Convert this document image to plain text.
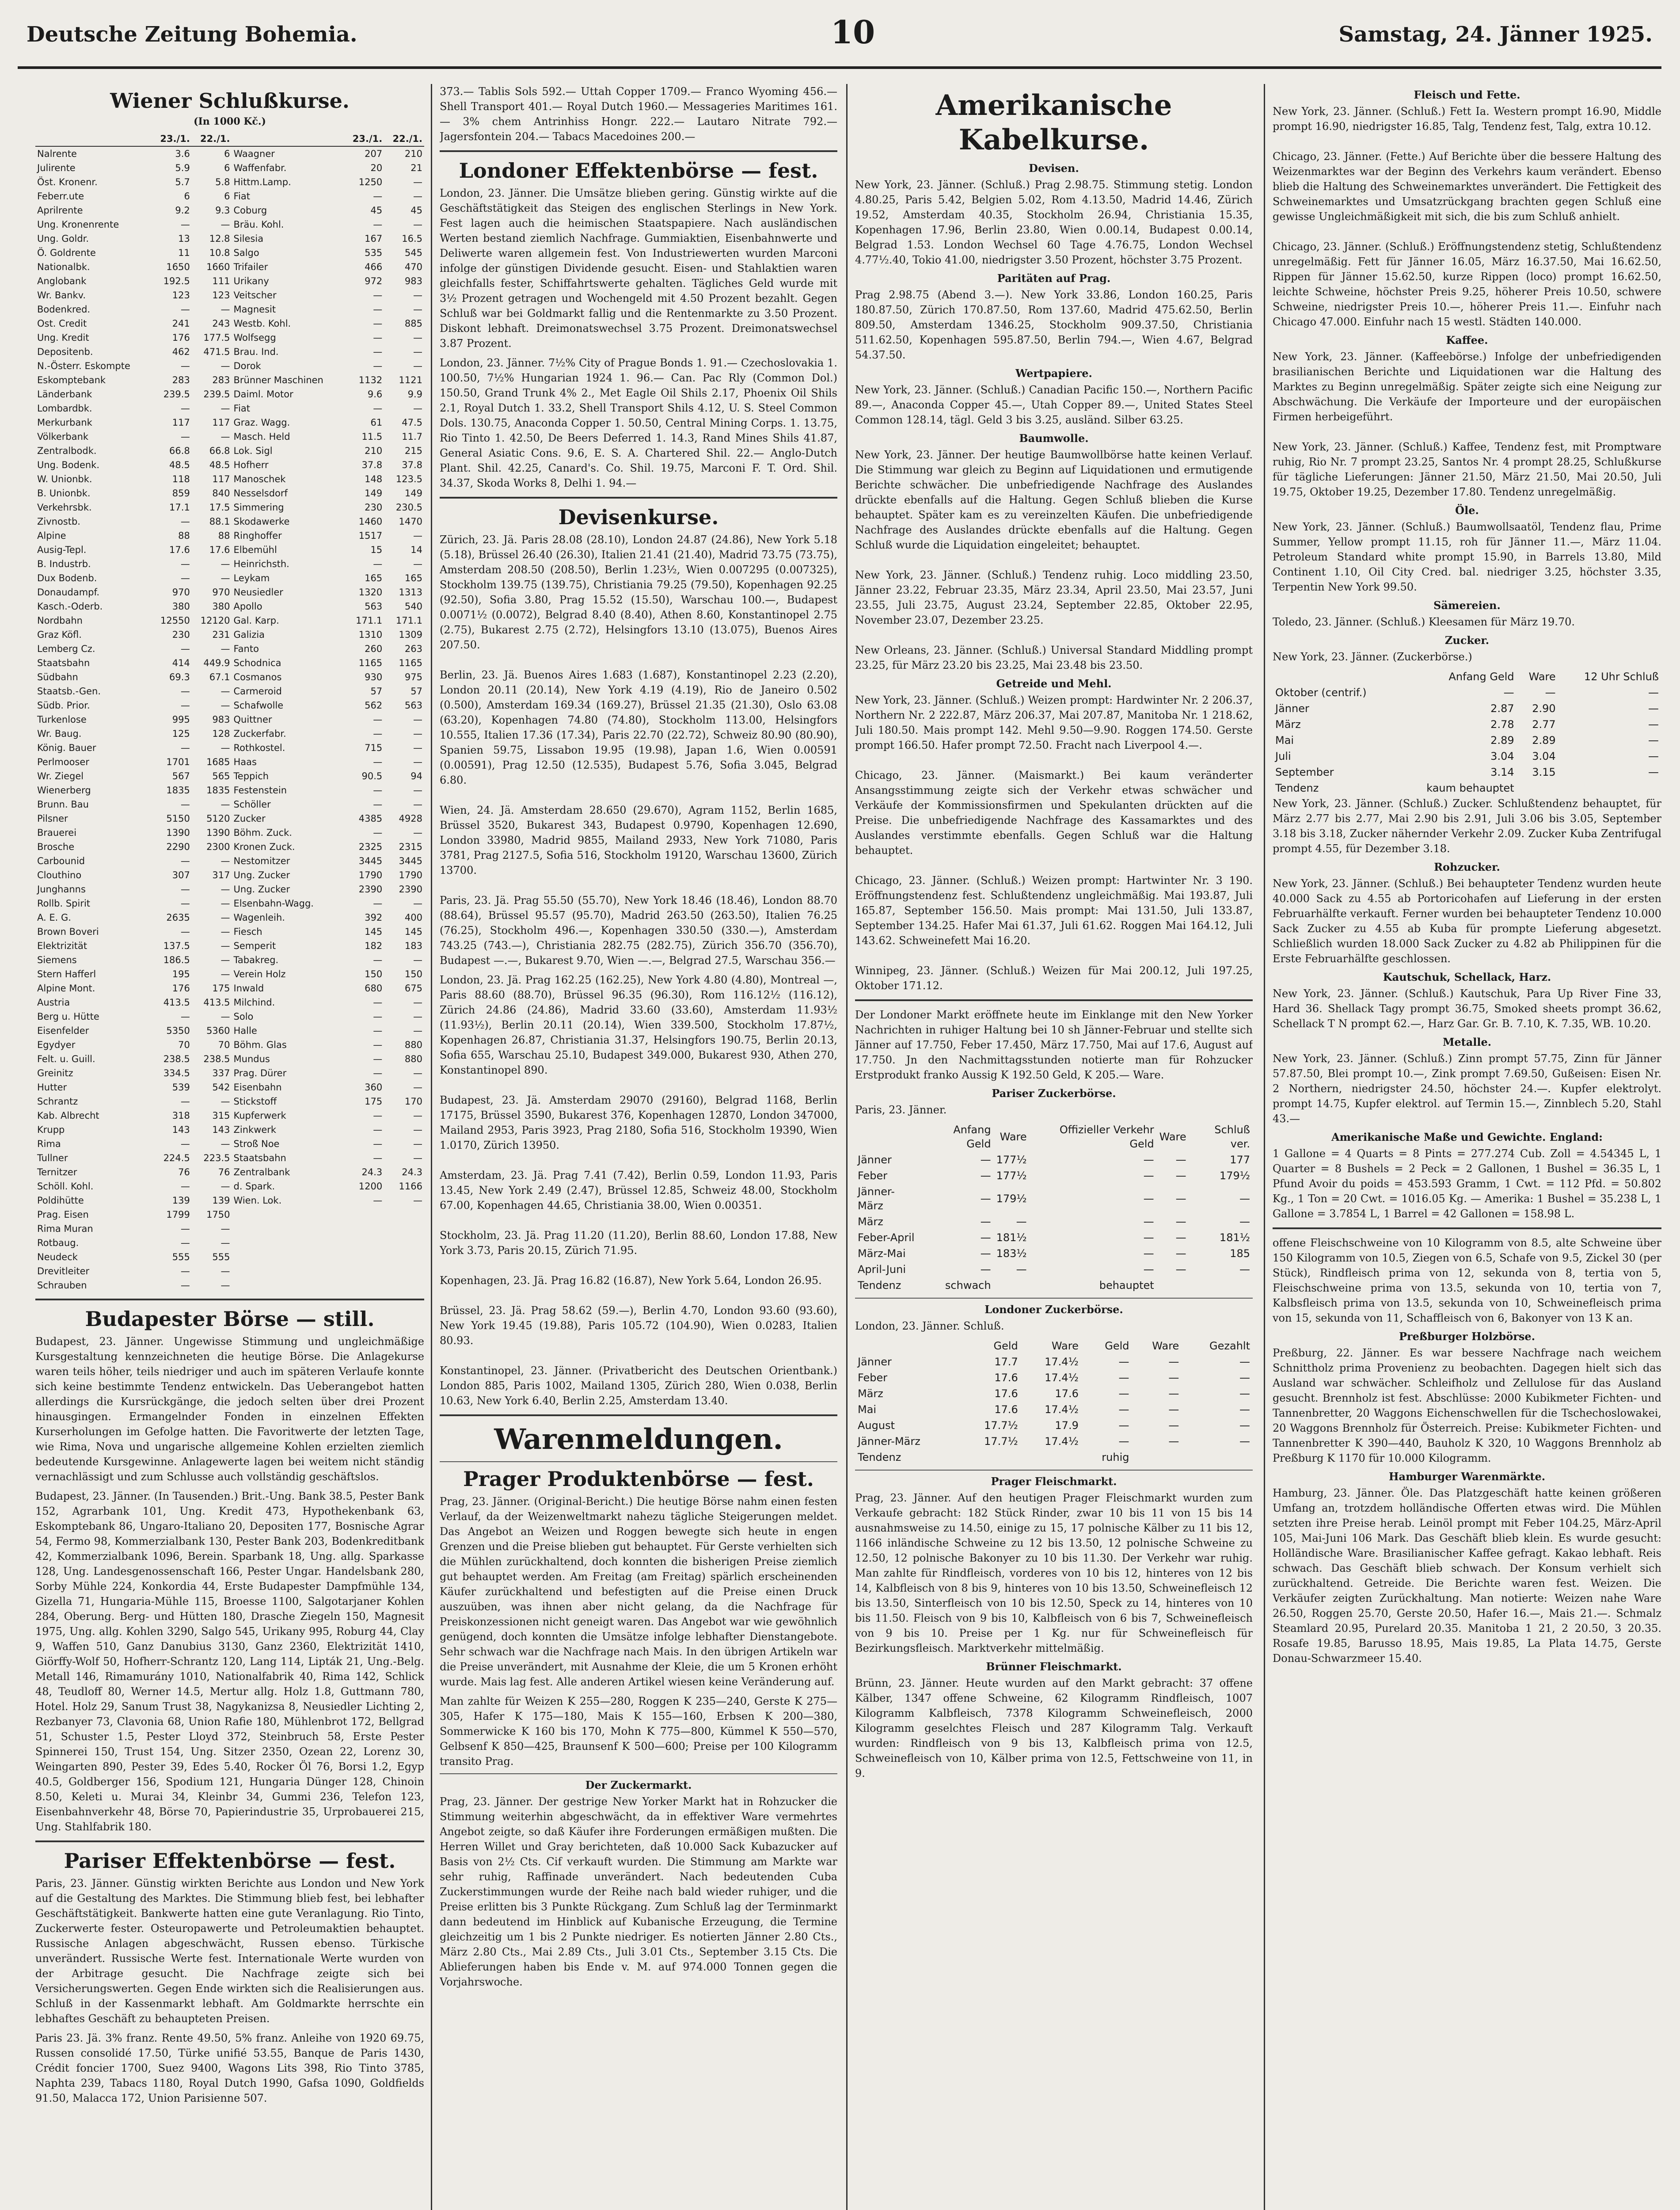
Deutsche Zeitung Bohemia.	10	Samstag, 24. Jänner 1925.
Wiener Schlußkurse.
(In 1000 Kč.)
	23./1.	22./1.		23./1.	22./1.
Nalrente	3.6	6	Waagner	207	210
Julirente	5.9	6	Waffenfabr.	20	21
Öst. Kronenr.	5.7	5.8	Hittm.Lamp.	1250	—
Feberr.ute	6	6	Fiat	—	—
Aprilrente	9.2	9.3	Coburg	45	45
Ung. Kronenrente	—	—	Bräu. Kohl.	—	—
Ung. Goldr.	13	12.8	Silesia	167	16.5
Ö. Goldrente	11	10.8	Salgo	535	545
Nationalbk.	1650	1660	Trifailer	466	470
Anglobank	192.5	111	Urikany	972	983
Wr. Bankv.	123	123	Veitscher	—	—
Bodenkred.	—	—	Magnesit	—	—
Ost. Credit	241	243	Westb. Kohl.	—	885
Ung. Kredit	176	177.5	Wolfsegg	—	—
Depositenb.	462	471.5	Brau. Ind.	—	—
N.-Österr. Eskompte	—	—	Dorok	—	—
Eskomptebank	283	283	Brünner Maschinen	1132	1121
Länderbank	239.5	239.5	Daiml. Motor	9.6	9.9
Lombardbk.	—	—	Fiat	—	—
Merkurbank	117	117	Graz. Wagg.	61	47.5
Völkerbank	—	—	Masch. Held	11.5	11.7
Zentralbodk.	66.8	66.8	Lok. Sigl	210	215
Ung. Bodenk.	48.5	48.5	Hofherr	37.8	37.8
W. Unionbk.	118	117	Manoschek	148	123.5
B. Unionbk.	859	840	Nesselsdorf	149	149
Verkehrsbk.	17.1	17.5	Simmering	230	230.5
Zivnostb.	—	88.1	Skodawerke	1460	1470
Alpine	88	88	Ringhoffer	1517	—
Ausig-Tepl.	17.6	17.6	Elbemühl	15	14
B. Industrb.	—	—	Heinrichsth.	—	—
Dux Bodenb.	—	—	Leykam	165	165
Donaudampf.	970	970	Neusiedler	1320	1313
Kasch.-Oderb.	380	380	Apollo	563	540
Nordbahn	12550	12120	Gal. Karp.	171.1	171.1
Graz Köfl.	230	231	Galizia	1310	1309
Lemberg Cz.	—	—	Fanto	260	263
Staatsbahn	414	449.9	Schodnica	1165	1165
Südbahn	69.3	67.1	Cosmanos	930	975
Staatsb.-Gen.	—	—	Carmeroid	57	57
Südb. Prior.	—	—	Schafwolle	562	563
Turkenlose	995	983	Quittner	—	—
Wr. Baug.	125	128	Zuckerfabr.	—	—
König. Bauer	—	—	Rothkostel.	715	—
Perlmooser	1701	1685	Haas	—	—
Wr. Ziegel	567	565	Teppich	90.5	94
Wienerberg	1835	1835	Festenstein	—	—
Brunn. Bau	—	—	Schöller	—	—
Pilsner	5150	5120	Zucker	4385	4928
Brauerei	1390	1390	Böhm. Zuck.	—	—
Brosche	2290	2300	Kronen Zuck.	2325	2315
Carbounid	—	—	Nestomitzer	3445	3445
Clouthino	307	317	Ung. Zucker	1790	1790
Junghanns	—	—	Ung. Zucker	2390	2390
Rollb. Spirit	—	—	Elsenbahn-Wagg.	—	—
A. E. G.	2635	—	Wagenleih.	392	400
Brown Boveri	—	—	Fiesch	145	145
Elektrizität	137.5	—	Semperit	182	183
Siemens	186.5	—	Tabakreg.	—	—
Stern Hafferl	195	—	Verein Holz	150	150
Alpine Mont.	176	175	Inwald	680	675
Austria	413.5	413.5	Milchind.	—	—
Berg u. Hütte	—	—	Solo	—	—
Eisenfelder	5350	5360	Halle	—	—
Egydyer	70	70	Böhm. Glas	—	880
Felt. u. Guill.	238.5	238.5	Mundus	—	880
Greinitz	334.5	337	Prag. Dürer	—	—
Hutter	539	542	Eisenbahn	360	—
Schrantz	—	—	Stickstoff	175	170
Kab. Albrecht	318	315	Kupferwerk	—	—
Krupp	143	143	Zinkwerk	—	—
Rima	—	—	Stroß Noe	—	—
Tullner	224.5	223.5	Staatsbahn	—	—
Ternitzer	76	76	Zentralbank	24.3	24.3
Schöll. Kohl.	—	—	d. Spark.	1200	1166
Poldihütte	139	139	Wien. Lok.	—	—
Prag. Eisen	1799	1750			
Rima Muran	—	—			
Rotbaug.	—	—			
Neudeck	555	555			
Drevitleiter	—	—			
Schrauben	—	—			
Budapester Börse — still.

Budapest, 23. Jänner. Ungewisse Stimmung und ungleichmäßige Kursgestaltung kennzeichneten die heutige Börse. Die Anlagekurse waren teils höher, teils niedriger und auch im späteren Verlaufe konnte sich keine bestimmte Tendenz entwickeln. Das Ueberangebot hatten allerdings die Kursrückgänge, die jedoch selten über drei Prozent hinausgingen. Ermangelnder Fonden in einzelnen Effekten Kurserholungen im Gefolge hatten. Die Favoritwerte der letzten Tage, wie Rima, Nova und ungarische allgemeine Kohlen erzielten ziemlich bedeutende Kursgewinne. Anlagewerte lagen bei weitem nicht ständig vernachlässigt und zum Schlusse auch vollständig geschäftslos.

Budapest, 23. Jänner. (In Tausenden.) Brit.-Ung. Bank 38.5, Pester Bank 152, Agrarbank 101, Ung. Kredit 473, Hypothekenbank 63, Eskomptebank 86, Ungaro-Italiano 20, Depositen 177, Bosnische Agrar 54, Fermo 98, Kommerzialbank 130, Pester Bank 203, Bodenkreditbank 42, Kommerzialbank 1096, Berein. Sparbank 18, Ung. allg. Sparkasse 128, Ung. Landesgenossenschaft 166, Pester Ungar. Handelsbank 280, Sorby Mühle 224, Konkordia 44, Erste Budapester Dampfmühle 134, Gizella 71, Hungaria-Mühle 115, Broesse 1100, Salgotarjaner Kohlen 284, Oberung. Berg- und Hütten 180, Drasche Ziegeln 150, Magnesit 1975, Ung. allg. Kohlen 3290, Salgo 545, Urikany 995, Roburg 44, Clay 9, Waffen 510, Ganz Danubius 3130, Ganz 2360, Elektrizität 1410, Giörffy-Wolf 50, Hofherr-Schrantz 120, Lang 114, Lipták 21, Ung.-Belg. Metall 146, Rimamurány 1010, Nationalfabrik 40, Rima 142, Schlick 48, Teudloff 80, Werner 14.5, Mertur allg. Holz 1.8, Guttmann 780, Hotel. Holz 29, Sanum Trust 38, Nagykanizsa 8, Neusiedler Lichting 2, Rezbanyer 73, Clavonia 68, Union Rafie 180, Mühlenbrot 172, Bellgrad 51, Schuster 1.5, Pester Lloyd 372, Steinbruch 58, Erste Pester Spinnerei 150, Trust 154, Ung. Sitzer 2350, Ozean 22, Lorenz 30, Weingarten 890, Pester 39, Edes 5.40, Rocker Öl 76, Borsi 1.2, Egyp 40.5, Goldberger 156, Spodium 121, Hungaria Dünger 128, Chinoin 8.50, Keleti u. Murai 34, Kleinbr 34, Gummi 236, Telefon 123, Eisenbahnverkehr 48, Börse 70, Papierindustrie 35, Urprobauerei 215, Ung. Stahlfabrik 180.

Pariser Effektenbörse — fest.

Paris, 23. Jänner. Günstig wirkten Berichte aus London und New York auf die Gestaltung des Marktes. Die Stimmung blieb fest, bei lebhafter Geschäftstätigkeit. Bankwerte hatten eine gute Veranlagung. Rio Tinto, Zuckerwerte fester. Osteuropawerte und Petroleumaktien behauptet. Russische Anlagen abgeschwächt, Russen ebenso. Türkische unverändert. Russische Werte fest. Internationale Werte wurden von der Arbitrage gesucht. Die Nachfrage zeigte sich bei Versicherungswerten. Gegen Ende wirkten sich die Realisierungen aus. Schluß in der Kassenmarkt lebhaft. Am Goldmarkte herrschte ein lebhaftes Geschäft zu behaupteten Preisen.

Paris 23. Jä. 3% franz. Rente 49.50, 5% franz. Anleihe von 1920 69.75, Russen consolidé 17.50, Türke unifié 53.55, Banque de Paris 1430, Crédit foncier 1700, Suez 9400, Wagons Lits 398, Rio Tinto 3785, Naphta 239, Tabacs 1180, Royal Dutch 1990, Gafsa 1090, Goldfields 91.50, Malacca 172, Union Parisienne 507.

373.— Tablis Sols 592.— Uttah Copper 1709.— Franco Wyoming 456.— Shell Transport 401.— Royal Dutch 1960.— Messageries Maritimes 161.— 3% chem Antrinhiss Hongr. 222.— Lautaro Nitrate 792.— Jagersfontein 204.— Tabacs Macedoines 200.—

Londoner Effektenbörse — fest.

London, 23. Jänner. Die Umsätze blieben gering. Günstig wirkte auf die Geschäftstätigkeit das Steigen des englischen Sterlings in New York. Fest lagen auch die heimischen Staatspapiere. Nach ausländischen Werten bestand ziemlich Nachfrage. Gummiaktien, Eisenbahnwerte und Deliwerte waren allgemein fest. Von Industriewerten wurden Marconi infolge der günstigen Dividende gesucht. Eisen- und Stahlaktien waren gleichfalls fester, Schiffahrtswerte gehalten. Tägliches Geld wurde mit 3½ Prozent getragen und Wochengeld mit 4.50 Prozent bezahlt. Gegen Schluß war bei Goldmarkt fallig und die Rentenmarkte zu 3.50 Prozent. Diskont lebhaft. Dreimonatswechsel 3.75 Prozent. Dreimonatswechsel 3.87 Prozent.

London, 23. Jänner. 7½% City of Prague Bonds 1. 91.— Czechoslovakia 1. 100.50, 7½% Hungarian 1924 1. 96.— Can. Pac Rly (Common Dol.) 150.50, Grand Trunk 4% 2., Met Eagle Oil Shils 2.17, Phoenix Oil Shils 2.1, Royal Dutch 1. 33.2, Shell Transport Shils 4.12, U. S. Steel Common Dols. 130.75, Anaconda Copper 1. 50.50, Central Mining Corps. 1. 13.75, Rio Tinto 1. 42.50, De Beers Deferred 1. 14.3, Rand Mines Shils 41.87, General Asiatic Cons. 9.6, E. S. A. Chartered Shil. 22.— Anglo-Dutch Plant. Shil. 42.25, Canard's. Co. Shil. 19.75, Marconi F. T. Ord. Shil. 34.37, Skoda Works 8, Delhi 1. 94.—

Devisenkurse.

Zürich, 23. Jä. Paris 28.08 (28.10), London 24.87 (24.86), New York 5.18 (5.18), Brüssel 26.40 (26.30), Italien 21.41 (21.40), Madrid 73.75 (73.75), Amsterdam 208.50 (208.50), Berlin 1.23½, Wien 0.007295 (0.007325), Stockholm 139.75 (139.75), Christiania 79.25 (79.50), Kopenhagen 92.25 (92.50), Sofia 3.80, Prag 15.52 (15.50), Warschau 100.—, Budapest 0.0071½ (0.0072), Belgrad 8.40 (8.40), Athen 8.60, Konstantinopel 2.75 (2.75), Bukarest 2.75 (2.72), Helsingfors 13.10 (13.075), Buenos Aires 207.50.

Berlin, 23. Jä. Buenos Aires 1.683 (1.687), Konstantinopel 2.23 (2.20), London 20.11 (20.14), New York 4.19 (4.19), Rio de Janeiro 0.502 (0.500), Amsterdam 169.34 (169.27), Brüssel 21.35 (21.30), Oslo 63.08 (63.20), Kopenhagen 74.80 (74.80), Stockholm 113.00, Helsingfors 10.555, Italien 17.36 (17.34), Paris 22.70 (22.72), Schweiz 80.90 (80.90), Spanien 59.75, Lissabon 19.95 (19.98), Japan 1.6, Wien 0.00591 (0.00591), Prag 12.50 (12.535), Budapest 5.76, Sofia 3.045, Belgrad 6.80.

Wien, 24. Jä. Amsterdam 28.650 (29.670), Agram 1152, Berlin 1685, Brüssel 3520, Bukarest 343, Budapest 0.9790, Kopenhagen 12.690, London 33980, Madrid 9855, Mailand 2933, New York 71080, Paris 3781, Prag 2127.5, Sofia 516, Stockholm 19120, Warschau 13600, Zürich 13700.

Paris, 23. Jä. Prag 55.50 (55.70), New York 18.46 (18.46), London 88.70 (88.64), Brüssel 95.57 (95.70), Madrid 263.50 (263.50), Italien 76.25 (76.25), Stockholm 496.—, Kopenhagen 330.50 (330.—), Amsterdam 743.25 (743.—), Christiania 282.75 (282.75), Zürich 356.70 (356.70), Budapest —.—, Bukarest 9.70, Wien —.—, Belgrad 27.5, Warschau 356.—

London, 23. Jä. Prag 162.25 (162.25), New York 4.80 (4.80), Montreal —, Paris 88.60 (88.70), Brüssel 96.35 (96.30), Rom 116.12½ (116.12), Zürich 24.86 (24.86), Madrid 33.60 (33.60), Amsterdam 11.93½ (11.93½), Berlin 20.11 (20.14), Wien 339.500, Stockholm 17.87½, Kopenhagen 26.87, Christiania 31.37, Helsingfors 190.75, Berlin 20.13, Sofia 655, Warschau 25.10, Budapest 349.000, Bukarest 930, Athen 270, Konstantinopel 890.

Budapest, 23. Jä. Amsterdam 29070 (29160), Belgrad 1168, Berlin 17175, Brüssel 3590, Bukarest 376, Kopenhagen 12870, London 347000, Mailand 2953, Paris 3923, Prag 2180, Sofia 516, Stockholm 19390, Wien 1.0170, Zürich 13950.

Amsterdam, 23. Jä. Prag 7.41 (7.42), Berlin 0.59, London 11.93, Paris 13.45, New York 2.49 (2.47), Brüssel 12.85, Schweiz 48.00, Stockholm 67.00, Kopenhagen 44.65, Christiania 38.00, Wien 0.00351.

Stockholm, 23. Jä. Prag 11.20 (11.20), Berlin 88.60, London 17.88, New York 3.73, Paris 20.15, Zürich 71.95.

Kopenhagen, 23. Jä. Prag 16.82 (16.87), New York 5.64, London 26.95.

Brüssel, 23. Jä. Prag 58.62 (59.—), Berlin 4.70, London 93.60 (93.60), New York 19.45 (19.88), Paris 105.72 (104.90), Wien 0.0283, Italien 80.93.

Konstantinopel, 23. Jänner. (Privatbericht des Deutschen Orientbank.) London 885, Paris 1002, Mailand 1305, Zürich 280, Wien 0.038, Berlin 10.63, New York 6.40, Berlin 2.25, Amsterdam 13.40.

Warenmeldungen.
Prager Produktenbörse — fest.

Prag, 23. Jänner. (Original-Bericht.) Die heutige Börse nahm einen festen Verlauf, da der Weizenweltmarkt nahezu tägliche Steigerungen meldet. Das Angebot an Weizen und Roggen bewegte sich heute in engen Grenzen und die Preise blieben gut behauptet. Für Gerste verhielten sich die Mühlen zurückhaltend, doch konnten die bisherigen Preise ziemlich gut behauptet werden. Am Freitag (am Freitag) spärlich erscheinenden Käufer zurückhaltend und befestigten auf die Preise einen Druck auszuüben, was ihnen aber nicht gelang, da die Nachfrage für Preiskonzessionen nicht geneigt waren. Das Angebot war wie gewöhnlich genügend, doch konnten die Umsätze infolge lebhafter Dienstangebote. Sehr schwach war die Nachfrage nach Mais. In den übrigen Artikeln war die Preise unverändert, mit Ausnahme der Kleie, die um 5 Kronen erhöht wurde. Mais lag fest. Alle anderen Artikel wiesen keine Veränderung auf.

Man zahlte für Weizen K 255—280, Roggen K 235—240, Gerste K 275—305, Hafer K 175—180, Mais K 155—160, Erbsen K 200—380, Sommerwicke K 160 bis 170, Mohn K 775—800, Kümmel K 550—570, Gelbsenf K 850—425, Braunsenf K 500—600; Preise per 100 Kilogramm transito Prag.

Der Zuckermarkt.

Prag, 23. Jänner. Der gestrige New Yorker Markt hat in Rohzucker die Stimmung weiterhin abgeschwächt, da in effektiver Ware vermehrtes Angebot zeigte, so daß Käufer ihre Forderungen ermäßigen mußten. Die Herren Willet und Gray berichteten, daß 10.000 Sack Kubazucker auf Basis von 2½ Cts. Cif verkauft wurden. Die Stimmung am Markte war sehr ruhig, Raffinade unverändert. Nach bedeutenden Cuba Zuckerstimmungen wurde der Reihe nach bald wieder ruhiger, und die Preise erlitten bis 3 Punkte Rückgang. Zum Schluß lag der Terminmarkt dann bedeutend im Hinblick auf Kubanische Erzeugung, die Termine gleichzeitig um 1 bis 2 Punkte niedriger. Es notierten Jänner 2.80 Cts., März 2.80 Cts., Mai 2.89 Cts., Juli 3.01 Cts., September 3.15 Cts. Die Ablieferungen haben bis Ende v. M. auf 974.000 Tonnen gegen die Vorjahrswoche.

Amerikanische Kabelkurse.
Devisen.

New York, 23. Jänner. (Schluß.) Prag 2.98.75. Stimmung stetig. London 4.80.25, Paris 5.42, Belgien 5.02, Rom 4.13.50, Madrid 14.46, Zürich 19.52, Amsterdam 40.35, Stockholm 26.94, Christiania 15.35, Kopenhagen 17.96, Berlin 23.80, Wien 0.00.14, Budapest 0.00.14, Belgrad 1.53. London Wechsel 60 Tage 4.76.75, London Wechsel 4.77½.40, Tokio 41.00, niedrigster 3.50 Prozent, höchster 3.75 Prozent.

Paritäten auf Prag.

Prag 2.98.75 (Abend 3.—). New York 33.86, London 160.25, Paris 180.87.50, Zürich 170.87.50, Rom 137.60, Madrid 475.62.50, Berlin 809.50, Amsterdam 1346.25, Stockholm 909.37.50, Christiania 511.62.50, Kopenhagen 595.87.50, Berlin 794.—, Wien 4.67, Belgrad 54.37.50.

Wertpapiere.

New York, 23. Jänner. (Schluß.) Canadian Pacific 150.—, Northern Pacific 89.—, Anaconda Copper 45.—, Utah Copper 89.—, United States Steel Common 128.14, tägl. Geld 3 bis 3.25, ausländ. Silber 63.25.

Baumwolle.

New York, 23. Jänner. Der heutige Baumwollbörse hatte keinen Verlauf. Die Stimmung war gleich zu Beginn auf Liquidationen und ermutigende Berichte schwächer. Die unbefriedigende Nachfrage des Auslandes drückte ebenfalls auf die Haltung. Gegen Schluß blieben die Kurse behauptet. Später kam es zu vereinzelten Käufen. Die unbefriedigende Nachfrage des Auslandes drückte ebenfalls auf die Haltung. Gegen Schluß wurde die Liquidation eingeleitet; behauptet.

New York, 23. Jänner. (Schluß.) Tendenz ruhig. Loco middling 23.50, Jänner 23.22, Februar 23.35, März 23.34, April 23.50, Mai 23.57, Juni 23.55, Juli 23.75, August 23.24, September 22.85, Oktober 22.95, November 23.07, Dezember 23.25.

New Orleans, 23. Jänner. (Schluß.) Universal Standard Middling prompt 23.25, für März 23.20 bis 23.25, Mai 23.48 bis 23.50.

Getreide und Mehl.

New York, 23. Jänner. (Schluß.) Weizen prompt: Hardwinter Nr. 2 206.37, Northern Nr. 2 222.87, März 206.37, Mai 207.87, Manitoba Nr. 1 218.62, Juli 180.50. Mais prompt 142. Mehl 9.50—9.90. Roggen 174.50. Gerste prompt 166.50. Hafer prompt 72.50. Fracht nach Liverpool 4.—.

Chicago, 23. Jänner. (Maismarkt.) Bei kaum veränderter Ansangsstimmung zeigte sich der Verkehr etwas schwächer und Verkäufe der Kommissionsfirmen und Spekulanten drückten auf die Preise. Die unbefriedigende Nachfrage des Kassamarktes und des Auslandes verstimmte ebenfalls. Gegen Schluß war die Haltung behauptet.

Chicago, 23. Jänner. (Schluß.) Weizen prompt: Hartwinter Nr. 3 190. Eröffnungstendenz fest. Schlußtendenz ungleichmäßig. Mai 193.87, Juli 165.87, September 156.50. Mais prompt: Mai 131.50, Juli 133.87, September 134.25. Hafer Mai 61.37, Juli 61.62. Roggen Mai 164.12, Juli 143.62. Schweinefett Mai 16.20.

Winnipeg, 23. Jänner. (Schluß.) Weizen für Mai 200.12, Juli 197.25, Oktober 171.12.

Der Londoner Markt eröffnete heute im Einklange mit den New Yorker Nachrichten in ruhiger Haltung bei 10 sh Jänner-Februar und stellte sich Jänner auf 17.750, Feber 17.450, März 17.750, Mai auf 17.6, August auf 17.750. Jn den Nachmittagsstunden notierte man für Rohzucker Erstprodukt franko Aussig K 192.50 Geld, K 205.— Ware.

Pariser Zuckerbörse.
Paris, 23. Jänner.
	Anfang Geld	Ware	Offizieller Verkehr Geld	Ware	Schluß ver.
Jänner	—	177½	—	—	177
Feber	—	177½	—	—	179½
Jänner-März	—	179½	—	—	—
März	—	—	—	—	—
Feber-April	—	181½	—	—	181½
März-Mai	—	183½	—	—	185
April-Juni	—	—	—	—	—
Tendenz	schwach		behauptet		
Londoner Zuckerbörse.
London, 23. Jänner. Schluß.
	Geld	Ware	Geld	Ware	Gezahlt
Jänner	17.7	17.4½	—	—	—
Feber	17.6	17.4½	—	—	—
März	17.6	17.6	—	—	—
Mai	17.6	17.4½	—	—	—
August	17.7½	17.9	—	—	—
Jänner-März	17.7½	17.4½	—	—	—
Tendenz			ruhig		
Prager Fleischmarkt.

Prag, 23. Jänner. Auf den heutigen Prager Fleischmarkt wurden zum Verkaufe gebracht: 182 Stück Rinder, zwar 10 bis 11 von 15 bis 14 ausnahmsweise zu 14.50, einige zu 15, 17 polnische Kälber zu 11 bis 12, 1166 inländische Schweine zu 12 bis 13.50, 12 polnische Schweine zu 12.50, 12 polnische Bakonyer zu 10 bis 11.30. Der Verkehr war ruhig. Man zahlte für Rindfleisch, vorderes von 10 bis 12, hinteres von 12 bis 14, Kalbfleisch von 8 bis 9, hinteres von 10 bis 13.50, Schweinefleisch 12 bis 13.50, Sinterfleisch von 10 bis 12.50, Speck zu 14, hinteres von 10 bis 11.50. Fleisch von 9 bis 10, Kalbfleisch von 6 bis 7, Schweinefleisch von 9 bis 10. Preise per 1 Kg. nur für Schweinefleisch für Bezirkungsfleisch. Marktverkehr mittelmäßig.

Brünner Fleischmarkt.

Brünn, 23. Jänner. Heute wurden auf den Markt gebracht: 37 offene Kälber, 1347 offene Schweine, 62 Kilogramm Rindfleisch, 1007 Kilogramm Kalbfleisch, 7378 Kilogramm Schweinefleisch, 2000 Kilogramm geselchtes Fleisch und 287 Kilogramm Talg. Verkauft wurden: Rindfleisch von 9 bis 13, Kalbfleisch prima von 12.5, Schweinefleisch von 10, Kälber prima von 12.5, Fettschweine von 11, in 9.

Fleisch und Fette.

New York, 23. Jänner. (Schluß.) Fett Ia. Western prompt 16.90, Middle prompt 16.90, niedrigster 16.85, Talg, Tendenz fest, Talg, extra 10.12.

Chicago, 23. Jänner. (Fette.) Auf Berichte über die bessere Haltung des Weizenmarktes war der Beginn des Verkehrs kaum verändert. Ebenso blieb die Haltung des Schweinemarktes unverändert. Die Fettigkeit des Schweinemarktes und Umsatzrückgang brachten gegen Schluß eine gewisse Ungleichmäßigkeit mit sich, die bis zum Schluß anhielt.

Chicago, 23. Jänner. (Schluß.) Eröffnungstendenz stetig, Schlußtendenz unregelmäßig. Fett für Jänner 16.05, März 16.37.50, Mai 16.62.50, Rippen für Jänner 15.62.50, kurze Rippen (loco) prompt 16.62.50, leichte Schweine, höchster Preis 9.25, höherer Preis 10.50, schwere Schweine, niedrigster Preis 10.—, höherer Preis 11.—. Einfuhr nach Chicago 47.000. Einfuhr nach 15 westl. Städten 140.000.

Kaffee.

New York, 23. Jänner. (Kaffeebörse.) Infolge der unbefriedigenden brasilianischen Berichte und Liquidationen war die Haltung des Marktes zu Beginn unregelmäßig. Später zeigte sich eine Neigung zur Abschwächung. Die Verkäufe der Importeure und der europäischen Firmen herbeigeführt.

New York, 23. Jänner. (Schluß.) Kaffee, Tendenz fest, mit Promptware ruhig, Rio Nr. 7 prompt 23.25, Santos Nr. 4 prompt 28.25, Schlußkurse für tägliche Lieferungen: Jänner 21.50, März 21.50, Mai 20.50, Juli 19.75, Oktober 19.25, Dezember 17.80. Tendenz unregelmäßig.

Öle.

New York, 23. Jänner. (Schluß.) Baumwollsaatöl, Tendenz flau, Prime Summer, Yellow prompt 11.15, roh für Jänner 11.—, März 11.04. Petroleum Standard white prompt 15.90, in Barrels 13.80, Mild Continent 1.10, Oil City Cred. bal. niedriger 3.25, höchster 3.35, Terpentin New York 99.50.

Sämereien.

Toledo, 23. Jänner. (Schluß.) Kleesamen für März 19.70.

Zucker.
New York, 23. Jänner. (Zuckerbörse.)
	Anfang Geld	Ware	12 Uhr Schluß
Oktober (centrif.)	—	—	—
Jänner	2.87	2.90	—
März	2.78	2.77	—
Mai	2.89	2.89	—
Juli	3.04	3.04	—
September	3.14	3.15	—
Tendenz	kaum behauptet		

New York, 23. Jänner. (Schluß.) Zucker. Schlußtendenz behauptet, für März 2.77 bis 2.77, Mai 2.90 bis 2.91, Juli 3.06 bis 3.05, September 3.18 bis 3.18, Zucker nähernder Verkehr 2.09. Zucker Kuba Zentrifugal prompt 4.55, für Dezember 3.18.

Rohzucker.

New York, 23. Jänner. (Schluß.) Bei behaupteter Tendenz wurden heute 40.000 Sack zu 4.55 ab Portoricohafen auf Lieferung in der ersten Februarhälfte verkauft. Ferner wurden bei behaupteter Tendenz 10.000 Sack Zucker zu 4.55 ab Kuba für prompte Lieferung abgesetzt. Schließlich wurden 18.000 Sack Zucker zu 4.82 ab Philippinen für die Erste Februarhälfte geschlossen.

Kautschuk, Schellack, Harz.

New York, 23. Jänner. (Schluß.) Kautschuk, Para Up River Fine 33, Hard 36. Shellack Tagy prompt 36.75, Smoked sheets prompt 36.62, Schellack T N prompt 62.—, Harz Gar. Gr. B. 7.10, K. 7.35, WB. 10.20.

Metalle.

New York, 23. Jänner. (Schluß.) Zinn prompt 57.75, Zinn für Jänner 57.87.50, Blei prompt 10.—, Zink prompt 7.69.50, Gußeisen: Eisen Nr. 2 Northern, niedrigster 24.50, höchster 24.—. Kupfer elektrolyt. prompt 14.75, Kupfer elektrol. auf Termin 15.—, Zinnblech 5.20, Stahl 43.—

Amerikanische Maße und Gewichte. England:

1 Gallone = 4 Quarts = 8 Pints = 277.274 Cub. Zoll = 4.54345 L, 1 Quarter = 8 Bushels = 2 Peck = 2 Gallonen, 1 Bushel = 36.35 L, 1 Pfund Avoir du poids = 453.593 Gramm, 1 Cwt. = 112 Pfd. = 50.802 Kg., 1 Ton = 20 Cwt. = 1016.05 Kg. — Amerika: 1 Bushel = 35.238 L, 1 Gallone = 3.7854 L, 1 Barrel = 42 Gallonen = 158.98 L.

offene Fleischschweine von 10 Kilogramm von 8.5, alte Schweine über 150 Kilogramm von 10.5, Ziegen von 6.5, Schafe von 9.5, Zickel 30 (per Stück), Rindfleisch prima von 12, sekunda von 8, tertia von 5, Fleischschweine prima von 13.5, sekunda von 10, tertia von 7, Kalbsfleisch prima von 13.5, sekunda von 10, Schweinefleisch prima von 15, sekunda von 11, Schaffleisch von 6, Bakonyer von 13 K an.

Preßburger Holzbörse.

Preßburg, 22. Jänner. Es war bessere Nachfrage nach weichem Schnittholz prima Provenienz zu beobachten. Dagegen hielt sich das Ausland war schwächer. Schleifholz und Zellulose für das Ausland gesucht. Brennholz ist fest. Abschlüsse: 2000 Kubikmeter Fichten- und Tannenbretter, 20 Waggons Eichenschwellen für die Tschechoslowakei, 20 Waggons Brennholz für Österreich. Preise: Kubikmeter Fichten- und Tannenbretter K 390—440, Bauholz K 320, 10 Waggons Brennholz ab Preßburg K 1170 für 10.000 Kilogramm.

Hamburger Warenmärkte.

Hamburg, 23. Jänner. Öle. Das Platzgeschäft hatte keinen größeren Umfang an, trotzdem holländische Offerten etwas wird. Die Mühlen setzten ihre Preise herab. Leinöl prompt mit Feber 104.25, März-April 105, Mai-Juni 106 Mark. Das Geschäft blieb klein. Es wurde gesucht: Holländische Ware. Brasilianischer Kaffee gefragt. Kakao lebhaft. Reis schwach. Das Geschäft blieb schwach. Der Konsum verhielt sich zurückhaltend. Getreide. Die Berichte waren fest. Weizen. Die Verkäufer zeigten Zurückhaltung. Man notierte: Weizen nahe Ware 26.50, Roggen 25.70, Gerste 20.50, Hafer 16.—, Mais 21.—. Schmalz Steamlard 20.95, Purelard 20.35. Manitoba 1 21, 2 20.50, 3 20.35. Rosafe 19.85, Barusso 18.95, Mais 19.85, La Plata 14.75, Gerste Donau-Schwarzmeer 15.40.
